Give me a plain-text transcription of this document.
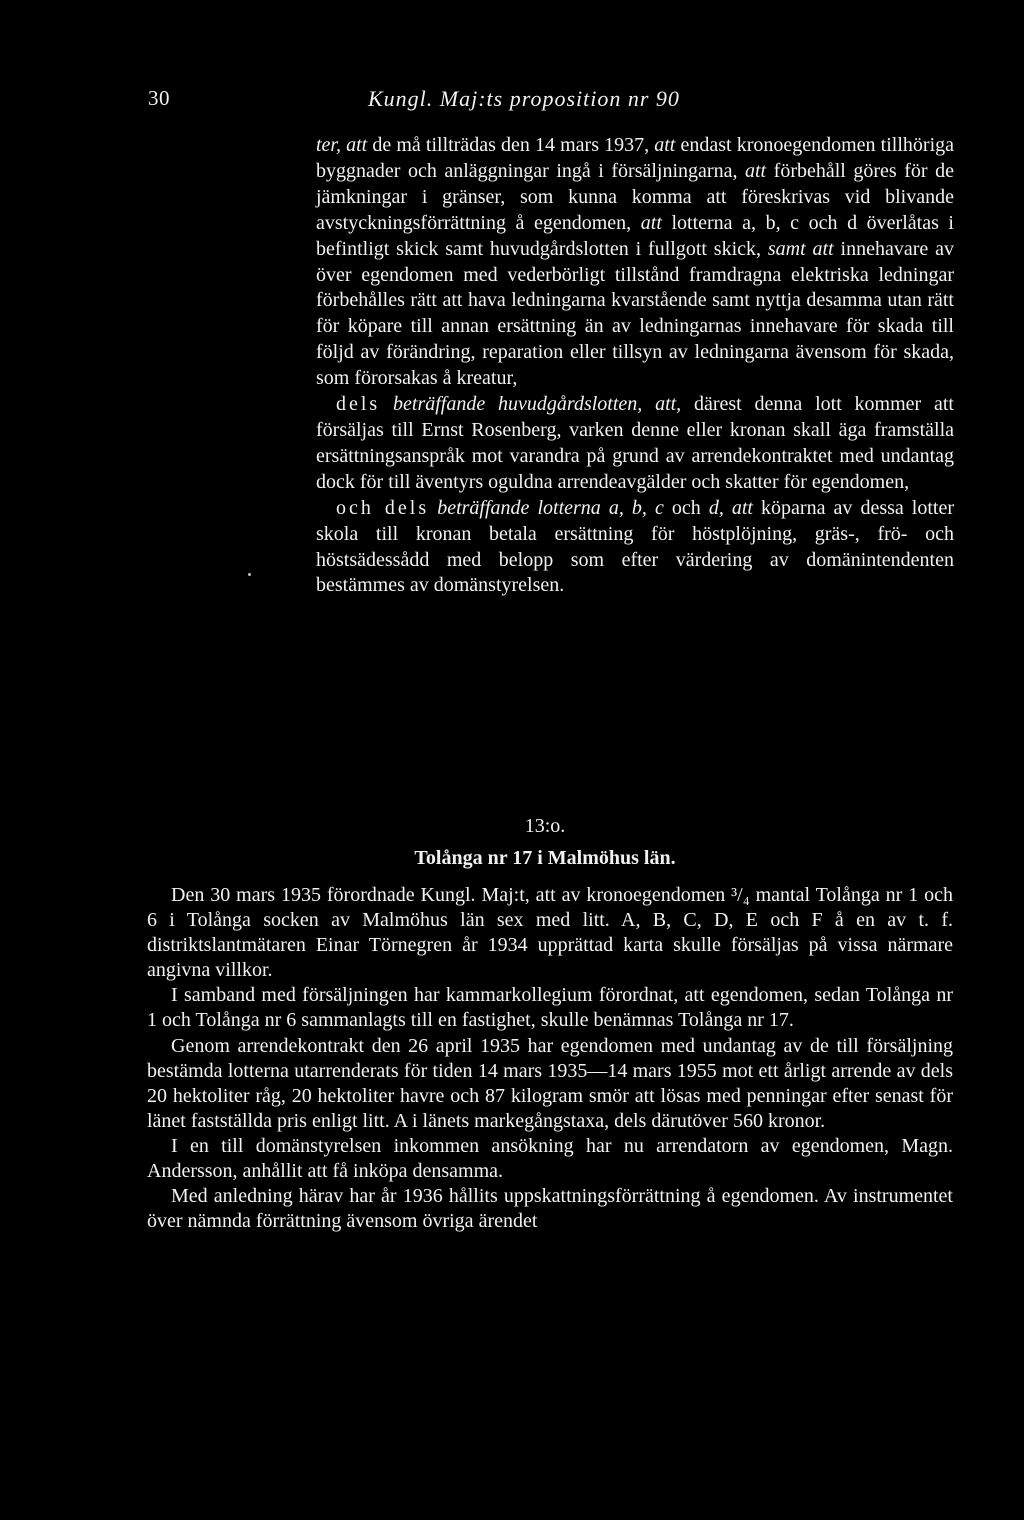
30	Kungl. Maj:ts proposition nr 90

ter, att de må tillträdas den 14 mars 1937, att endast kronoegendomen tillhöriga byggnader och anläggningar ingå i försäljningarna, att förbehåll göres för de jämkningar i gränser, som kunna komma att föreskrivas vid blivande avstyckningsförrättning å egendomen, att lotterna a, b, c och d överlåtas i befintligt skick samt huvudgårdslotten i fullgott skick, samt att innehavare av över egendomen med vederbörligt tillstånd framdragna elektriska ledningar förbehålles rätt att hava ledningarna kvarstående samt nyttja desamma utan rätt för köpare till annan ersättning än av ledningarnas innehavare för skada till följd av förändring, reparation eller tillsyn av ledningarna ävensom för skada, som förorsakas å kreatur,

dels beträffande huvudgårdslotten, att, därest denna lott kommer att försäljas till Ernst Rosenberg, varken denne eller kronan skall äga framställa ersättningsanspråk mot varandra på grund av arrendekontraktet med undantag dock för till äventyrs oguldna arrendeavgälder och skatter för egendomen,

och dels beträffande lotterna a, b, c och d, att köparna av dessa lotter skola till kronan betala ersättning för höstplöjning, gräs-, frö- och höstsädessådd med belopp som efter värdering av domänintendenten bestämmes av domänstyrelsen.

13:o.
Tolånga nr 17 i Malmöhus län.

Den 30 mars 1935 förordnade Kungl. Maj:t, att av kronoegendomen ³/₄ mantal Tolånga nr 1 och 6 i Tolånga socken av Malmöhus län sex med litt. A, B, C, D, E och F å en av t. f. distriktslantmätaren Einar Törnegren år 1934 upprättad karta skulle försäljas på vissa närmare angivna villkor.

I samband med försäljningen har kammarkollegium förordnat, att egendomen, sedan Tolånga nr 1 och Tolånga nr 6 sammanlagts till en fastighet, skulle benämnas Tolånga nr 17.

Genom arrendekontrakt den 26 april 1935 har egendomen med undantag av de till försäljning bestämda lotterna utarrenderats för tiden 14 mars 1935—14 mars 1955 mot ett årligt arrende av dels 20 hektoliter råg, 20 hektoliter havre och 87 kilogram smör att lösas med penningar efter senast för länet fastställda pris enligt litt. A i länets markegångstaxa, dels därutöver 560 kronor.

I en till domänstyrelsen inkommen ansökning har nu arrendatorn av egendomen, Magn. Andersson, anhållit att få inköpa densamma.

Med anledning härav har år 1936 hållits uppskattningsförrättning å egendomen. Av instrumentet över nämnda förrättning ävensom övriga ärendet
